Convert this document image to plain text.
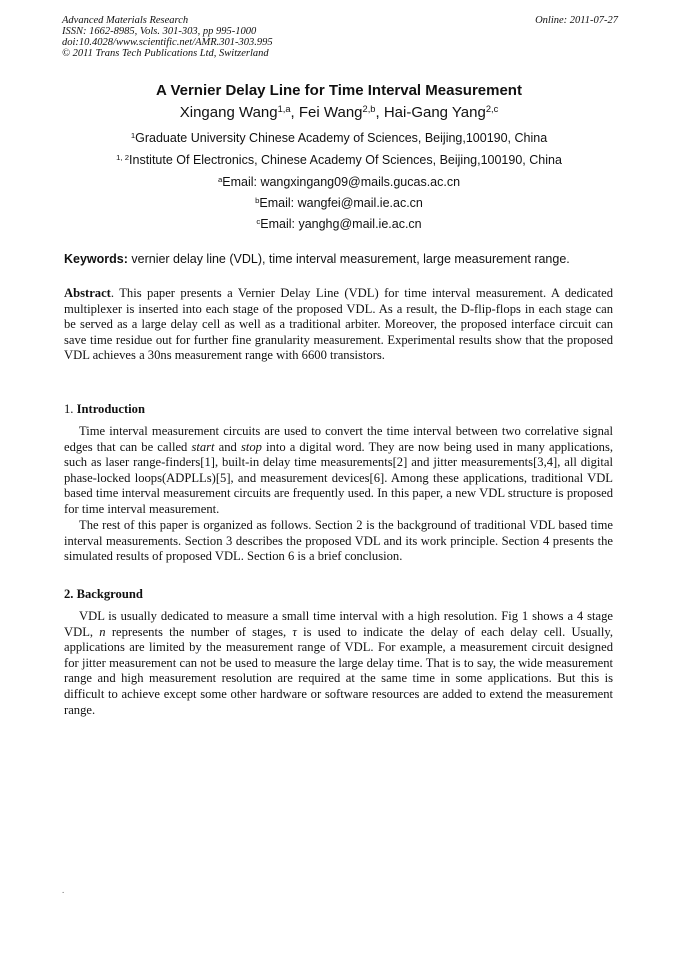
Advanced Materials Research
ISSN: 1662-8985, Vols. 301-303, pp 995-1000
doi:10.4028/www.scientific.net/AMR.301-303.995
© 2011 Trans Tech Publications Ltd, Switzerland
Online: 2011-07-27
A Vernier Delay Line for Time Interval Measurement
Xingang Wang$^{1,a}$, Fei Wang$^{2,b}$, Hai-Gang Yang$^{2,c}$
$^1$Graduate University Chinese Academy of Sciences, Beijing,100190, China
$^{1, 2}$Institute Of Electronics, Chinese Academy Of Sciences, Beijing,100190, China
$^a$Email: wangxingang09@mails.gucas.ac.cn
$^b$Email: wangfei@mail.ie.ac.cn
$^c$Email: yanghg@mail.ie.ac.cn
Keywords: vernier delay line (VDL), time interval measurement, large measurement range.
Abstract. This paper presents a Vernier Delay Line (VDL) for time interval measurement. A dedicated multiplexer is inserted into each stage of the proposed VDL. As a result, the D-flip-flops in each stage can be served as a large delay cell as well as a traditional arbiter. Moreover, the proposed interface circuit can save time residue out for further fine granularity measurement. Experimental results show that the proposed VDL achieves a 30ns measurement range with 6600 transistors.
1. Introduction
Time interval measurement circuits are used to convert the time interval between two correlative signal edges that can be called start and stop into a digital word. They are now being used in many applications, such as laser range-finders[1], built-in delay time measurements[2] and jitter measurements[3,4], all digital phase-locked loops(ADPLLs)[5], and measurement devices[6]. Among these applications, traditional VDL based time interval measurement circuits are frequently used. In this paper, a new VDL structure is proposed for time interval measurement.
The rest of this paper is organized as follows. Section 2 is the background of traditional VDL based time interval measurements. Section 3 describes the proposed VDL and its work principle. Section 4 presents the simulated results of proposed VDL. Section 6 is a brief conclusion.
2. Background
VDL is usually dedicated to measure a small time interval with a high resolution. Fig 1 shows a 4 stage VDL, n represents the number of stages, τ is used to indicate the delay of each delay cell. Usually, applications are limited by the measurement range of VDL. For example, a measurement circuit designed for jitter measurement can not be used to measure the large delay time. That is to say, the wide measurement range and high measurement resolution are required at the same time in some applications. But this is difficult to achieve except some other hardware or software resources are added to extend the measurement range.
.
